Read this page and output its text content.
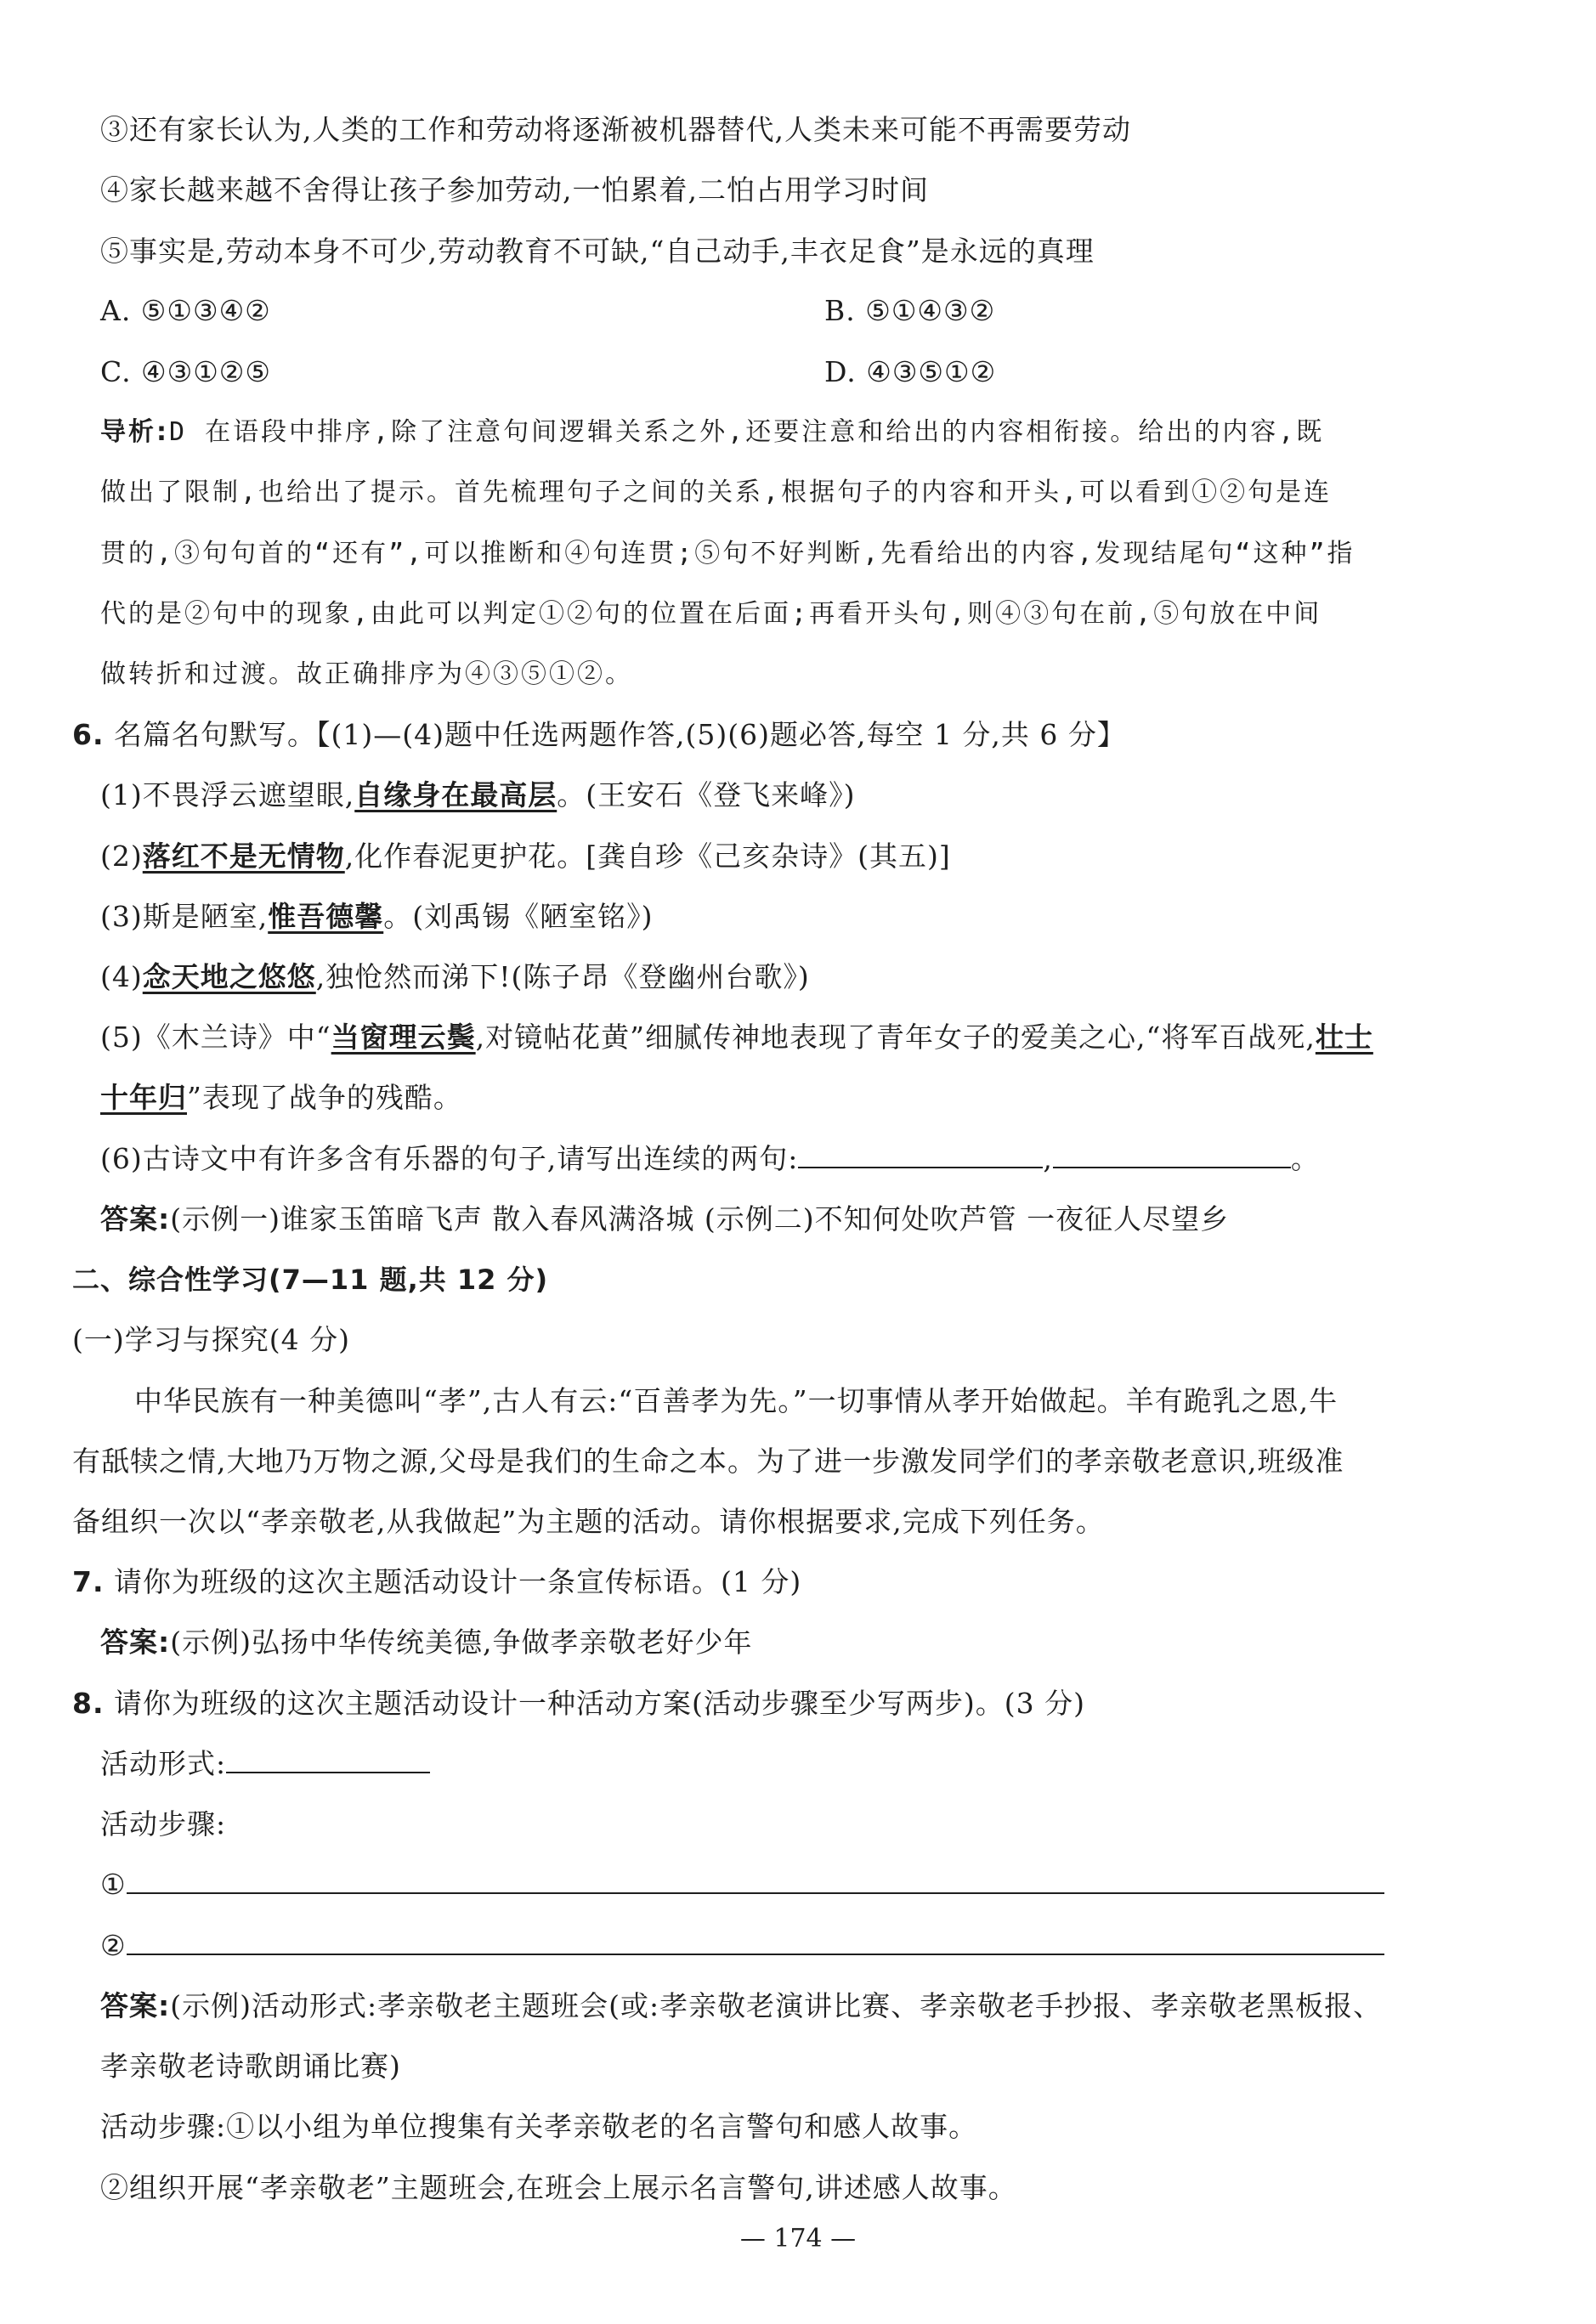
③还有家长认为,人类的工作和劳动将逐渐被机器替代,人类未来可能不再需要劳动
④家长越来越不舍得让孩子参加劳动,一怕累着,二怕占用学习时间
⑤事实是,劳动本身不可少,劳动教育不可缺,“自己动手,丰衣足食”是永远的真理
A. ⑤①③④②	B. ⑤①④③②
C. ④③①②⑤	D. ④③⑤①②
导析:D 在语段中排序,除了注意句间逻辑关系之外,还要注意和给出的内容相衔接。给出的内容,既
做出了限制,也给出了提示。首先梳理句子之间的关系,根据句子的内容和开头,可以看到①②句是连
贯的,③句句首的“还有”,可以推断和④句连贯;⑤句不好判断,先看给出的内容,发现结尾句“这种”指
代的是②句中的现象,由此可以判定①②句的位置在后面;再看开头句,则④③句在前,⑤句放在中间
做转折和过渡。故正确排序为④③⑤①②。
6. 名篇名句默写。【(1)—(4)题中任选两题作答,(5)(6)题必答,每空 1 分,共 6 分】
(1)不畏浮云遮望眼,自缘身在最高层。(王安石《登飞来峰》)
(2)落红不是无情物,化作春泥更护花。[龚自珍《己亥杂诗》(其五)]
(3)斯是陋室,惟吾德馨。(刘禹锡《陋室铭》)
(4)念天地之悠悠,独怆然而涕下!(陈子昂《登幽州台歌》)
(5)《木兰诗》中“当窗理云鬓,对镜帖花黄”细腻传神地表现了青年女子的爱美之心,“将军百战死,壮士
十年归”表现了战争的残酷。
(6)古诗文中有许多含有乐器的句子,请写出连续的两句:	,	。
答案:(示例一)谁家玉笛暗飞声 散入春风满洛城 (示例二)不知何处吹芦管 一夜征人尽望乡
二、综合性学习(7—11 题,共 12 分)
(一)学习与探究(4 分)
中华民族有一种美德叫“孝”,古人有云:“百善孝为先。”一切事情从孝开始做起。羊有跪乳之恩,牛
有舐犊之情,大地乃万物之源,父母是我们的生命之本。为了进一步激发同学们的孝亲敬老意识,班级准
备组织一次以“孝亲敬老,从我做起”为主题的活动。请你根据要求,完成下列任务。
7. 请你为班级的这次主题活动设计一条宣传标语。(1 分)
答案:(示例)弘扬中华传统美德,争做孝亲敬老好少年
8. 请你为班级的这次主题活动设计一种活动方案(活动步骤至少写两步)。(3 分)
活动形式:
活动步骤:
①
②
答案:(示例)活动形式:孝亲敬老主题班会(或:孝亲敬老演讲比赛、孝亲敬老手抄报、孝亲敬老黑板报、
孝亲敬老诗歌朗诵比赛)
活动步骤:①以小组为单位搜集有关孝亲敬老的名言警句和感人故事。
②组织开展“孝亲敬老”主题班会,在班会上展示名言警句,讲述感人故事。
— 174 —
